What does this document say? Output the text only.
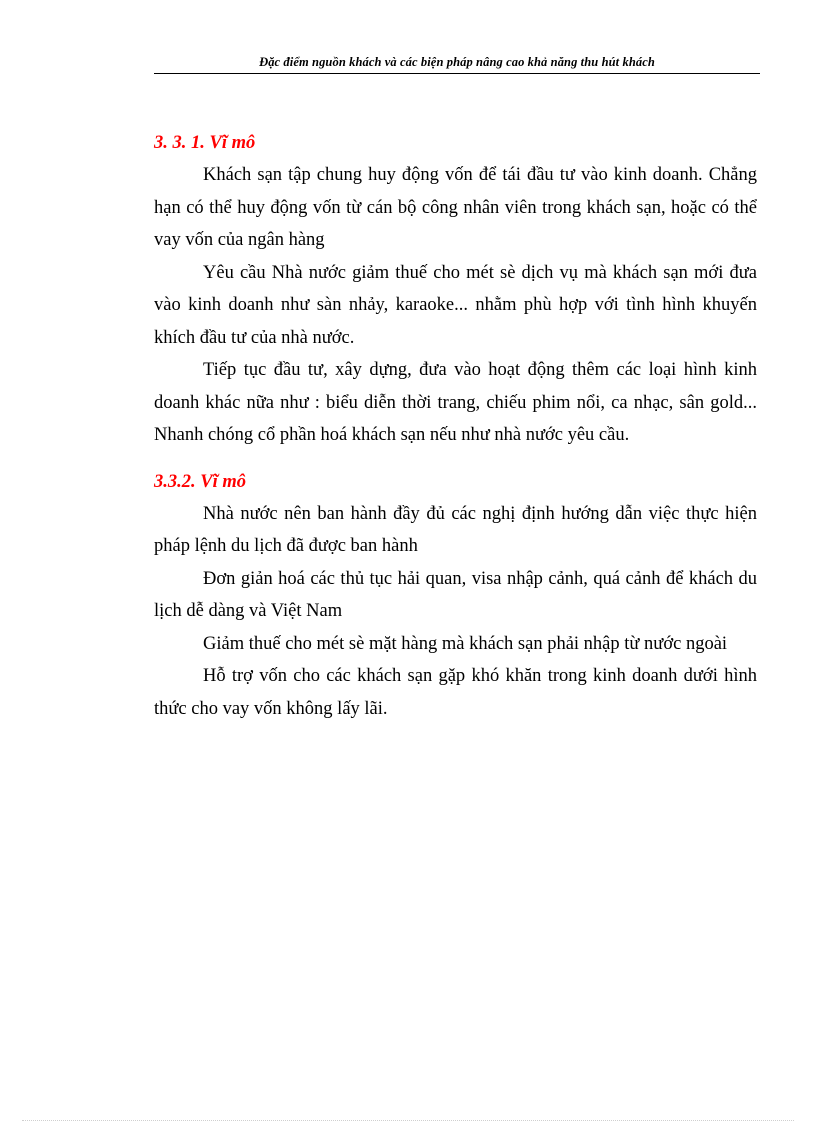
Đặc điểm nguồn khách và các biện pháp nâng cao khả năng thu hút khách
3. 3. 1. Vĩ mô

Khách sạn tập chung huy động vốn để tái đầu tư vào kinh doanh. Chẳng hạn có thể huy động vốn từ cán bộ công nhân viên trong khách sạn, hoặc có thể vay vốn của ngân hàng

Yêu cầu Nhà nước giảm thuế cho mét sè dịch vụ mà khách sạn mới đưa vào kinh doanh như sàn nhảy, karaoke... nhằm phù hợp với tình hình khuyến khích đầu tư của nhà nước.

Tiếp tục đầu tư, xây dựng, đưa vào hoạt động thêm các loại hình kinh doanh khác nữa như : biểu diễn thời trang, chiếu phim nổi, ca nhạc, sân gold... Nhanh chóng cổ phần hoá khách sạn nếu như nhà nước yêu cầu.

3.3.2. Vĩ mô

Nhà nước nên ban hành đầy đủ các nghị định hướng dẫn việc thực hiện pháp lệnh du lịch đã được ban hành

Đơn giản hoá các thủ tục hải quan, visa nhập cảnh, quá cảnh để khách du lịch dễ dàng và Việt Nam

Giảm thuế cho mét sè mặt hàng mà khách sạn phải nhập từ nước ngoài

Hỗ trợ vốn cho các khách sạn gặp khó khăn trong kinh doanh dưới hình thức cho vay vốn không lấy lãi.
